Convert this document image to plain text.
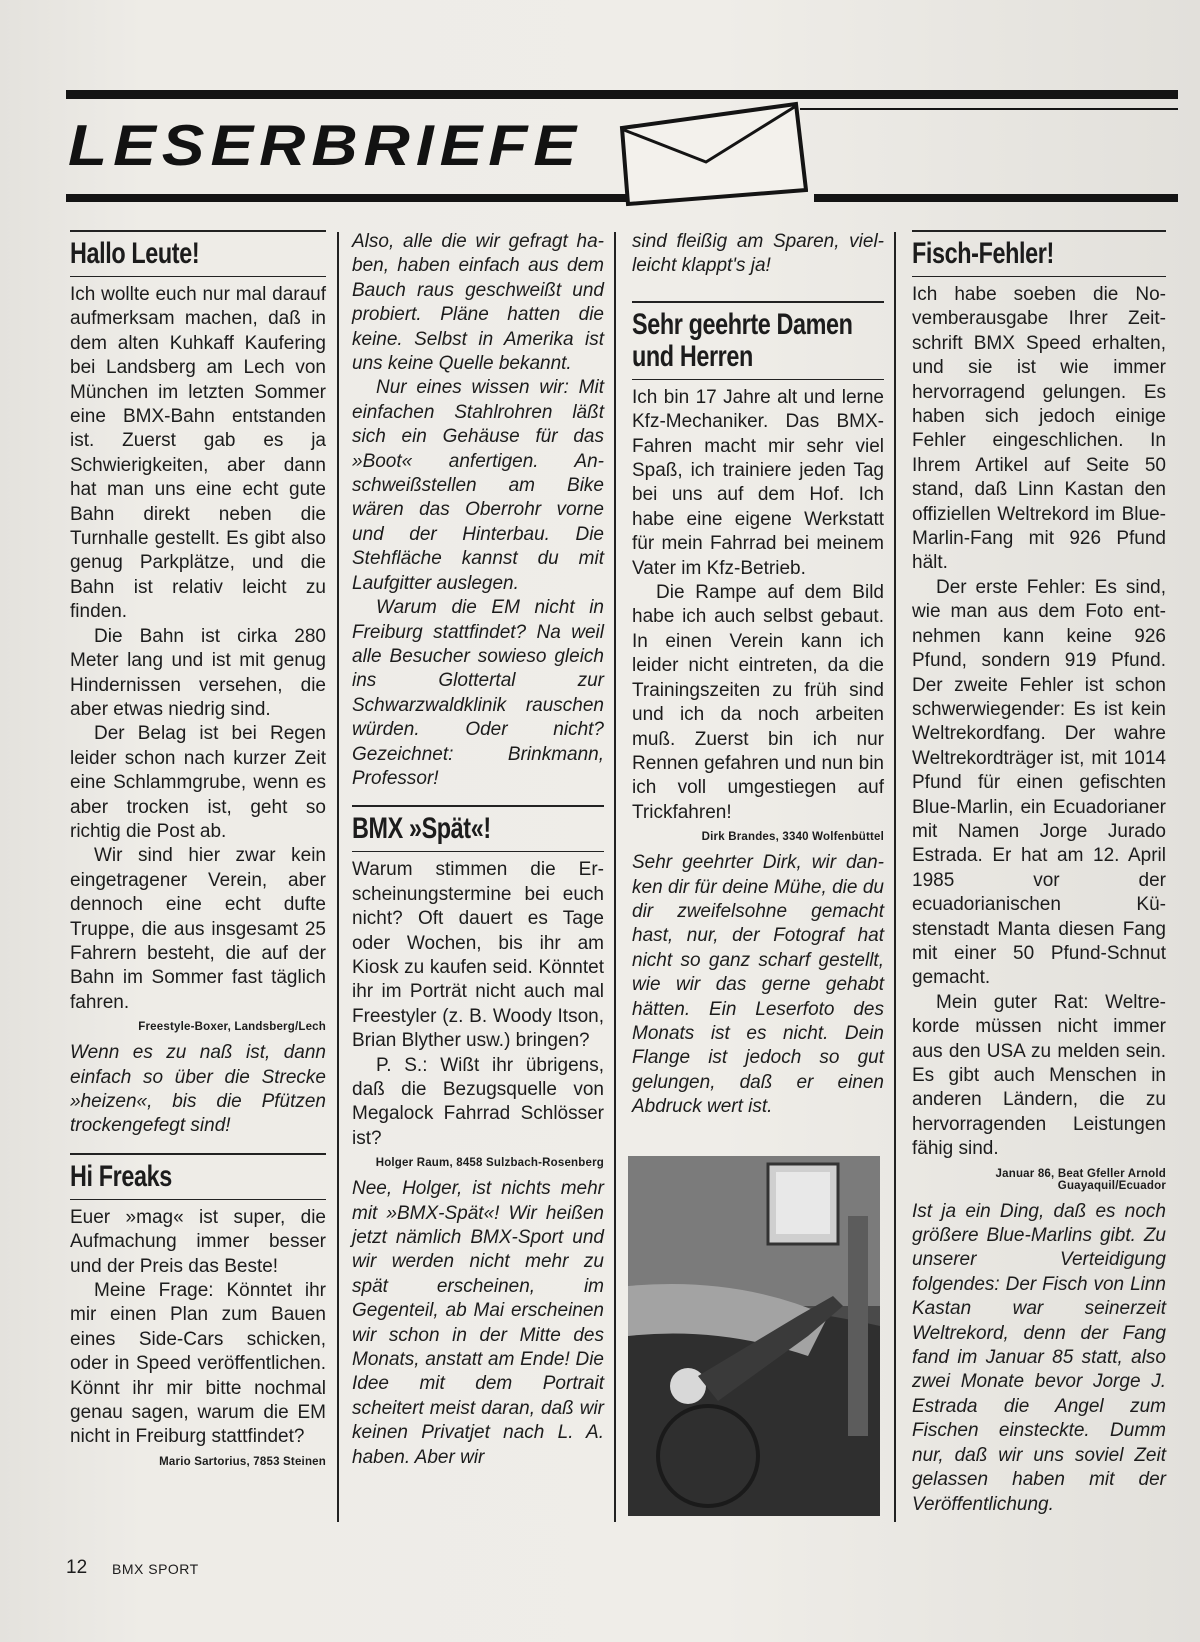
LESERBRIEFE
Hallo Leute!

Ich wollte euch nur mal darauf aufmerksam machen, daß in dem alten Kuhkaff Kaufering bei Landsberg am Lech von München im letzten Sommer eine BMX-Bahn entstanden ist. Zuerst gab es ja Schwierigkeiten, aber dann hat man uns eine echt gute Bahn direkt neben die Turnhalle gestellt. Es gibt also genug Parkplätze, und die Bahn ist relativ leicht zu finden.

Die Bahn ist cirka 280 Meter lang und ist mit genug Hindernissen versehen, die aber etwas niedrig sind.

Der Belag ist bei Regen leider schon nach kurzer Zeit eine Schlammgrube, wenn es aber trocken ist, geht so richtig die Post ab.

Wir sind hier zwar kein eingetragener Verein, aber dennoch eine echt dufte Truppe, die aus insgesamt 25 Fahrern besteht, die auf der Bahn im Sommer fast täglich fahren.

Freestyle-Boxer, Landsberg/Lech

Wenn es zu naß ist, dann einfach so über die Strecke »heizen«, bis die Pfützen trockengefegt sind!

Hi Freaks

Euer »mag« ist super, die Aufmachung immer besser und der Preis das Beste!

Meine Frage: Könntet ihr mir einen Plan zum Bauen eines Side-Cars schicken, oder in Speed veröffentlichen. Könnt ihr mir bitte nochmal genau sagen, warum die EM nicht in Freiburg stattfindet?

Mario Sartorius, 7853 Steinen

Also, alle die wir gefragt haben, haben einfach aus dem Bauch raus geschweißt und probiert. Pläne hatten die keine. Selbst in Amerika ist uns keine Quelle bekannt.

Nur eines wissen wir: Mit einfachen Stahlrohren läßt sich ein Gehäuse für das »Boot« anfertigen. Anschweißstellen am Bike wären das Oberrohr vorne und der Hinterbau. Die Stehfläche kannst du mit Laufgitter auslegen.

Warum die EM nicht in Freiburg stattfindet? Na weil alle Besucher sowieso gleich ins Glottertal zur Schwarzwaldklinik rauschen würden. Oder nicht? Gezeichnet: Brinkmann, Professor!

BMX »Spät«!

Warum stimmen die Erscheinungstermine bei euch nicht? Oft dauert es Tage oder Wochen, bis ihr am Kiosk zu kaufen seid. Könntet ihr im Porträt nicht auch mal Freestyler (z. B. Woody Itson, Brian Blyther usw.) bringen?

P. S.: Wißt ihr übrigens, daß die Bezugsquelle von Megalock Fahrrad Schlösser ist?

Holger Raum, 8458 Sulzbach-Rosenberg

Nee, Holger, ist nichts mehr mit »BMX-Spät«! Wir heißen jetzt nämlich BMX-Sport und wir werden nicht mehr zu spät erscheinen, im Gegenteil, ab Mai erscheinen wir schon in der Mitte des Monats, anstatt am Ende! Die Idee mit dem Portrait scheitert meist daran, daß wir keinen Privatjet nach L. A. haben. Aber wir

sind fleißig am Sparen, vielleicht klappt's ja!

Sehr geehrte Damen und Herren

Ich bin 17 Jahre alt und lerne Kfz-Mechaniker. Das BMX-Fahren macht mir sehr viel Spaß, ich trainiere jeden Tag bei uns auf dem Hof. Ich habe eine eigene Werkstatt für mein Fahrrad bei meinem Vater im Kfz-Betrieb.

Die Rampe auf dem Bild habe ich auch selbst gebaut. In einen Verein kann ich leider nicht eintreten, da die Trainingszeiten zu früh sind und ich da noch arbeiten muß. Zuerst bin ich nur Rennen gefahren und nun bin ich voll umgestiegen auf Trickfahren!

Dirk Brandes, 3340 Wolfenbüttel

Sehr geehrter Dirk, wir danken dir für deine Mühe, die du dir zweifelsohne gemacht hast, nur, der Fotograf hat nicht so ganz scharf gestellt, wie wir das gerne gehabt hätten. Ein Leserfoto des Monats ist es nicht. Dein Flange ist jedoch so gut gelungen, daß er einen Abdruck wert ist.

Fisch-Fehler!

Ich habe soeben die Novemberausgabe Ihrer Zeitschrift BMX Speed erhalten, und sie ist wie immer hervorragend gelungen. Es haben sich jedoch einige Fehler eingeschlichen. In Ihrem Artikel auf Seite 50 stand, daß Linn Kastan den offiziellen Weltrekord im Blue-Marlin-Fang mit 926 Pfund hält.

Der erste Fehler: Es sind, wie man aus dem Foto entnehmen kann keine 926 Pfund, sondern 919 Pfund. Der zweite Fehler ist schon schwerwiegender: Es ist kein Weltrekordfang. Der wahre Weltrekordträger ist, mit 1014 Pfund für einen gefischten Blue-Marlin, ein Ecuadorianer mit Namen Jorge Jurado Estrada. Er hat am 12. April 1985 vor der ecuadorianischen Küstenstadt Manta diesen Fang mit einer 50 Pfund-Schnut gemacht.

Mein guter Rat: Weltrekorde müssen nicht immer aus den USA zu melden sein. Es gibt auch Menschen in anderen Ländern, die zu hervorragenden Leistungen fähig sind.

Januar 86, Beat Gfeller Arnold
Guayaquil/Ecuador

Ist ja ein Ding, daß es noch größere Blue-Marlins gibt. Zu unserer Verteidigung folgendes: Der Fisch von Linn Kastan war seinerzeit Weltrekord, denn der Fang fand im Januar 85 statt, also zwei Monate bevor Jorge J. Estrada die Angel zum Fischen einsteckte. Dumm nur, daß wir uns soviel Zeit gelassen haben mit der Veröffentlichung.

12 BMX SPORT
